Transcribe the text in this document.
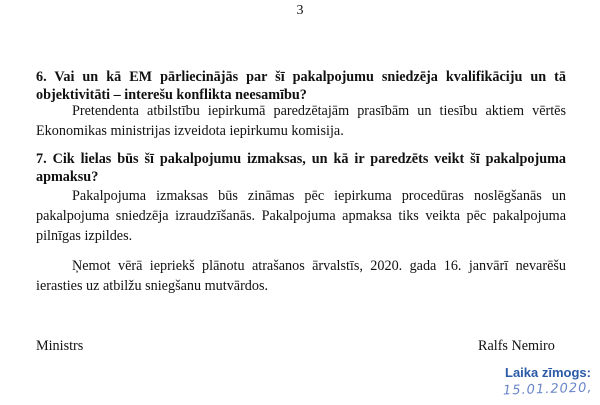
3
6. Vai un kā EM pārliecinājās par šī pakalpojumu sniedzēja kvalifikāciju un tā objektivitāti – interešu konflikta neesamību?
Pretendenta atbilstību iepirkumā paredzētajām prasībām un tiesību aktiem vērtēs Ekonomikas ministrijas izveidota iepirkumu komisija.
7. Cik lielas būs šī pakalpojumu izmaksas, un kā ir paredzēts veikt šī pakalpojuma apmaksu?
Pakalpojuma izmaksas būs zināmas pēc iepirkuma procedūras noslēgšanās un pakalpojuma sniedzēja izraudzīšanās. Pakalpojuma apmaksa tiks veikta pēc pakalpojuma pilnīgas izpildes.
Ņemot vērā iepriekš plānotu atrašanos ārvalstīs, 2020. gada 16. janvārī nevarēšu ierasties uz atbilžu sniegšanu mutvārdos.
Ministrs	Ralfs Nemiro
Laika zīmogs:
15.01.2020,
